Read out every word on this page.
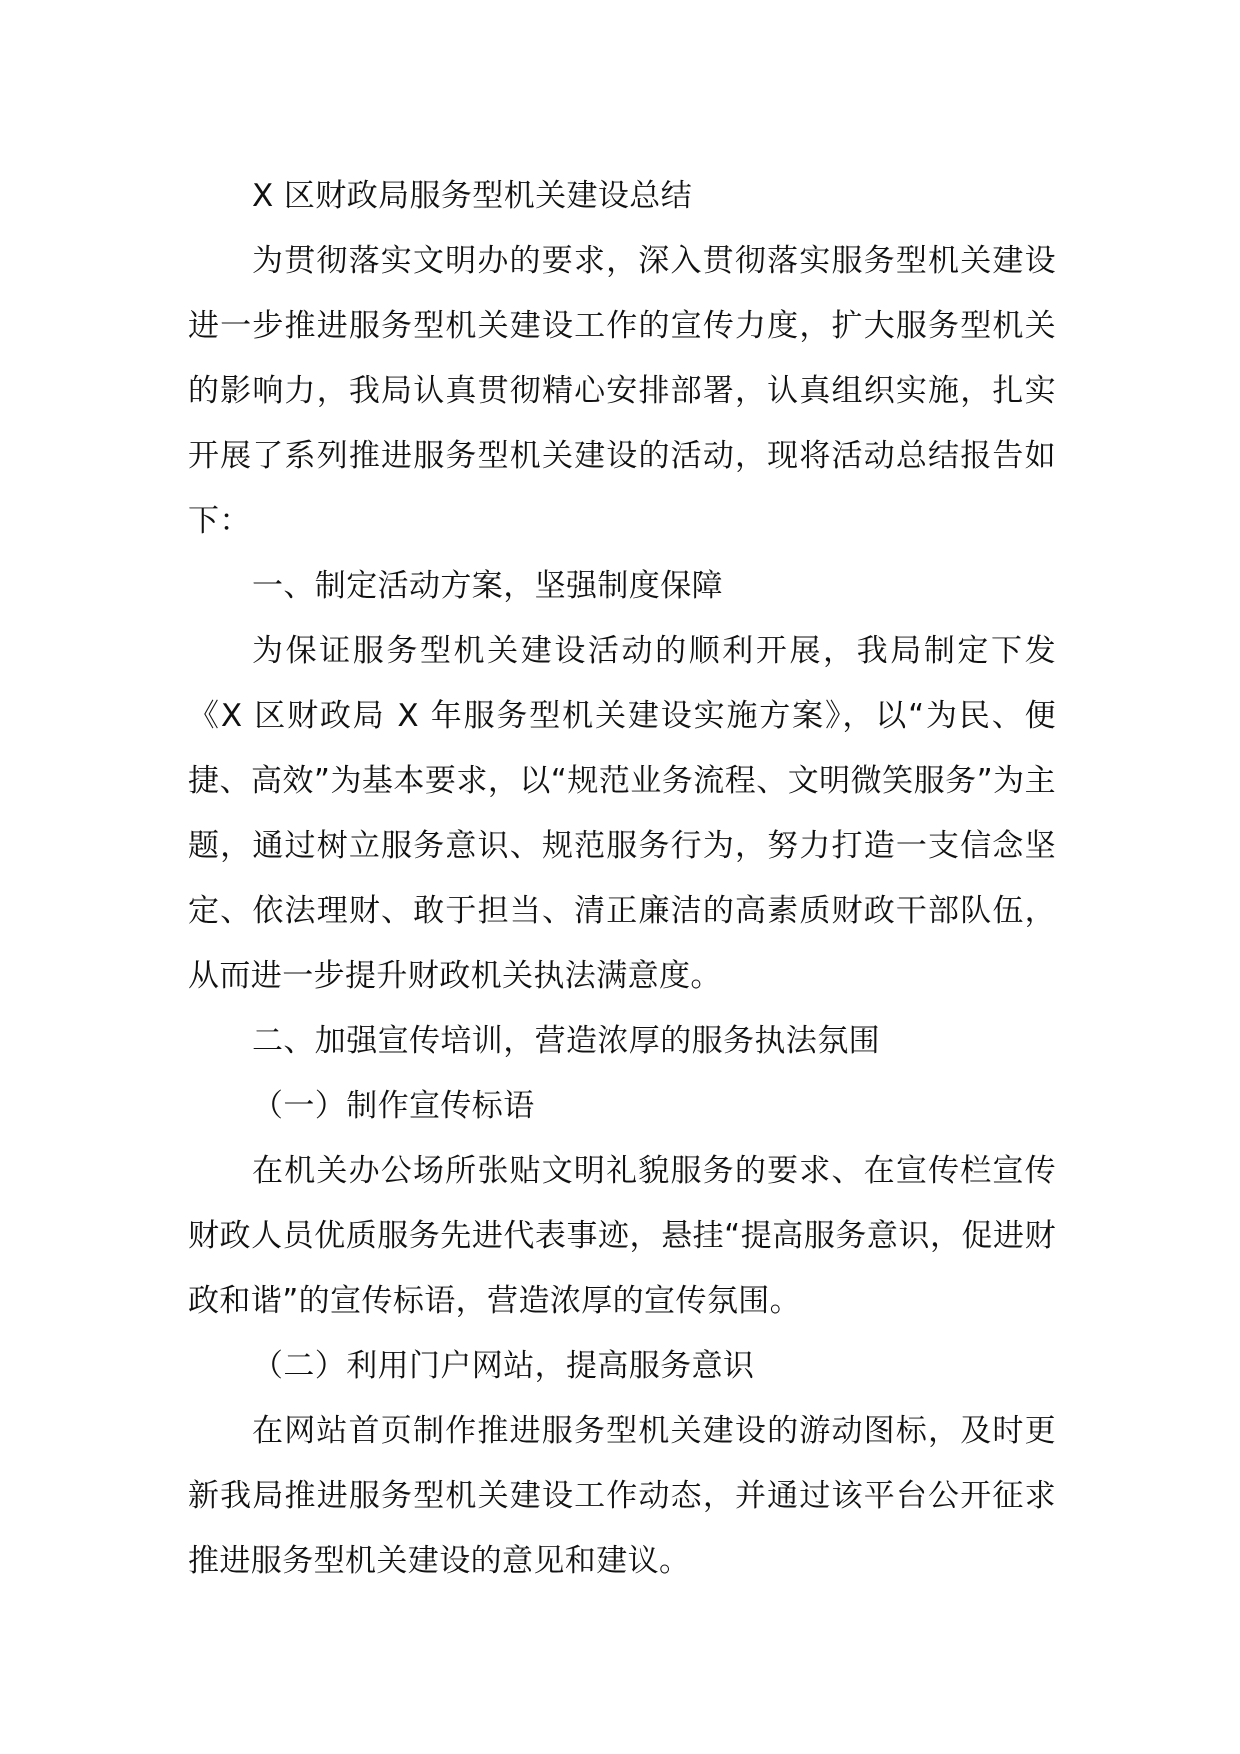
X 区财政局服务型机关建设总结

为贯彻落实文明办的要求，深入贯彻落实服务型机关建设进一步推进服务型机关建设工作的宣传力度，扩大服务型机关的影响力，我局认真贯彻精心安排部署，认真组织实施，扎实开展了系列推进服务型机关建设的活动，现将活动总结报告如下：

一、制定活动方案，坚强制度保障

为保证服务型机关建设活动的顺利开展，我局制定下发《X 区财政局 X 年服务型机关建设实施方案》，以“为民、便捷、高效”为基本要求，以“规范业务流程、文明微笑服务”为主题，通过树立服务意识、规范服务行为，努力打造一支信念坚定、依法理财、敢于担当、清正廉洁的高素质财政干部队伍，从而进一步提升财政机关执法满意度。

二、加强宣传培训，营造浓厚的服务执法氛围

（一）制作宣传标语

在机关办公场所张贴文明礼貌服务的要求、在宣传栏宣传财政人员优质服务先进代表事迹，悬挂“提高服务意识，促进财政和谐”的宣传标语，营造浓厚的宣传氛围。

（二）利用门户网站，提高服务意识

在网站首页制作推进服务型机关建设的游动图标，及时更新我局推进服务型机关建设工作动态，并通过该平台公开征求推进服务型机关建设的意见和建议。
